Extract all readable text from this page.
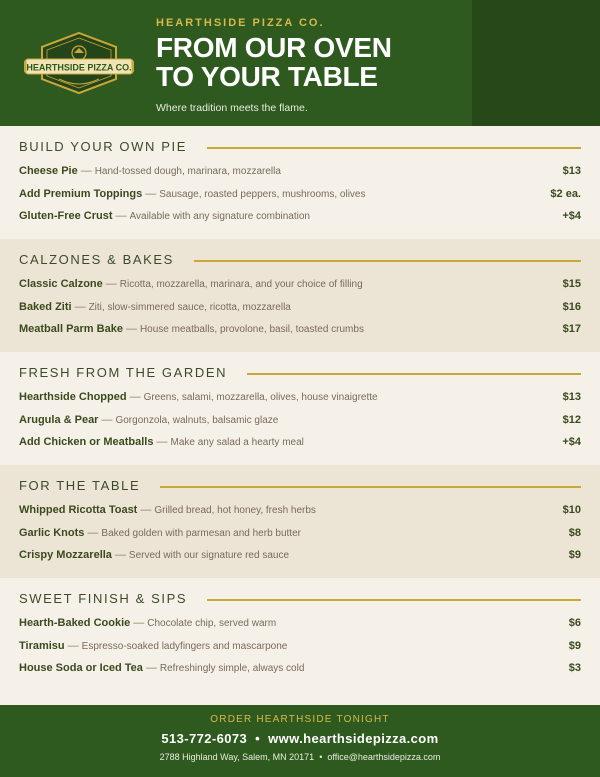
HEARTHSIDE PIZZA CO.
HEARTHSIDE PIZZA CO.
FROM OUR OVEN
TO YOUR TABLE
Where tradition meets the flame.
BUILD YOUR OWN PIE
Cheese Pie — Hand-tossed dough, marinara, mozzarella	$13
Add Premium Toppings — Sausage, roasted peppers, mushrooms, olives	$2 ea.
Gluten-Free Crust — Available with any signature combination	+$4
CALZONES & BAKES
Classic Calzone — Ricotta, mozzarella, marinara, and your choice of filling	$15
Baked Ziti — Ziti, slow-simmered sauce, ricotta, mozzarella	$16
Meatball Parm Bake — House meatballs, provolone, basil, toasted crumbs	$17
FRESH FROM THE GARDEN
Hearthside Chopped — Greens, salami, mozzarella, olives, house vinaigrette	$13
Arugula & Pear — Gorgonzola, walnuts, balsamic glaze	$12
Add Chicken or Meatballs — Make any salad a hearty meal	+$4
FOR THE TABLE
Whipped Ricotta Toast — Grilled bread, hot honey, fresh herbs	$10
Garlic Knots — Baked golden with parmesan and herb butter	$8
Crispy Mozzarella — Served with our signature red sauce	$9
SWEET FINISH & SIPS
Hearth-Baked Cookie — Chocolate chip, served warm	$6
Tiramisu — Espresso-soaked ladyfingers and mascarpone	$9
House Soda or Iced Tea — Refreshingly simple, always cold	$3
ORDER HEARTHSIDE TONIGHT
513-772-6073 • www.hearthsidepizza.com
2788 Highland Way, Salem, MN 20171 • office@hearthsidepizza.com
